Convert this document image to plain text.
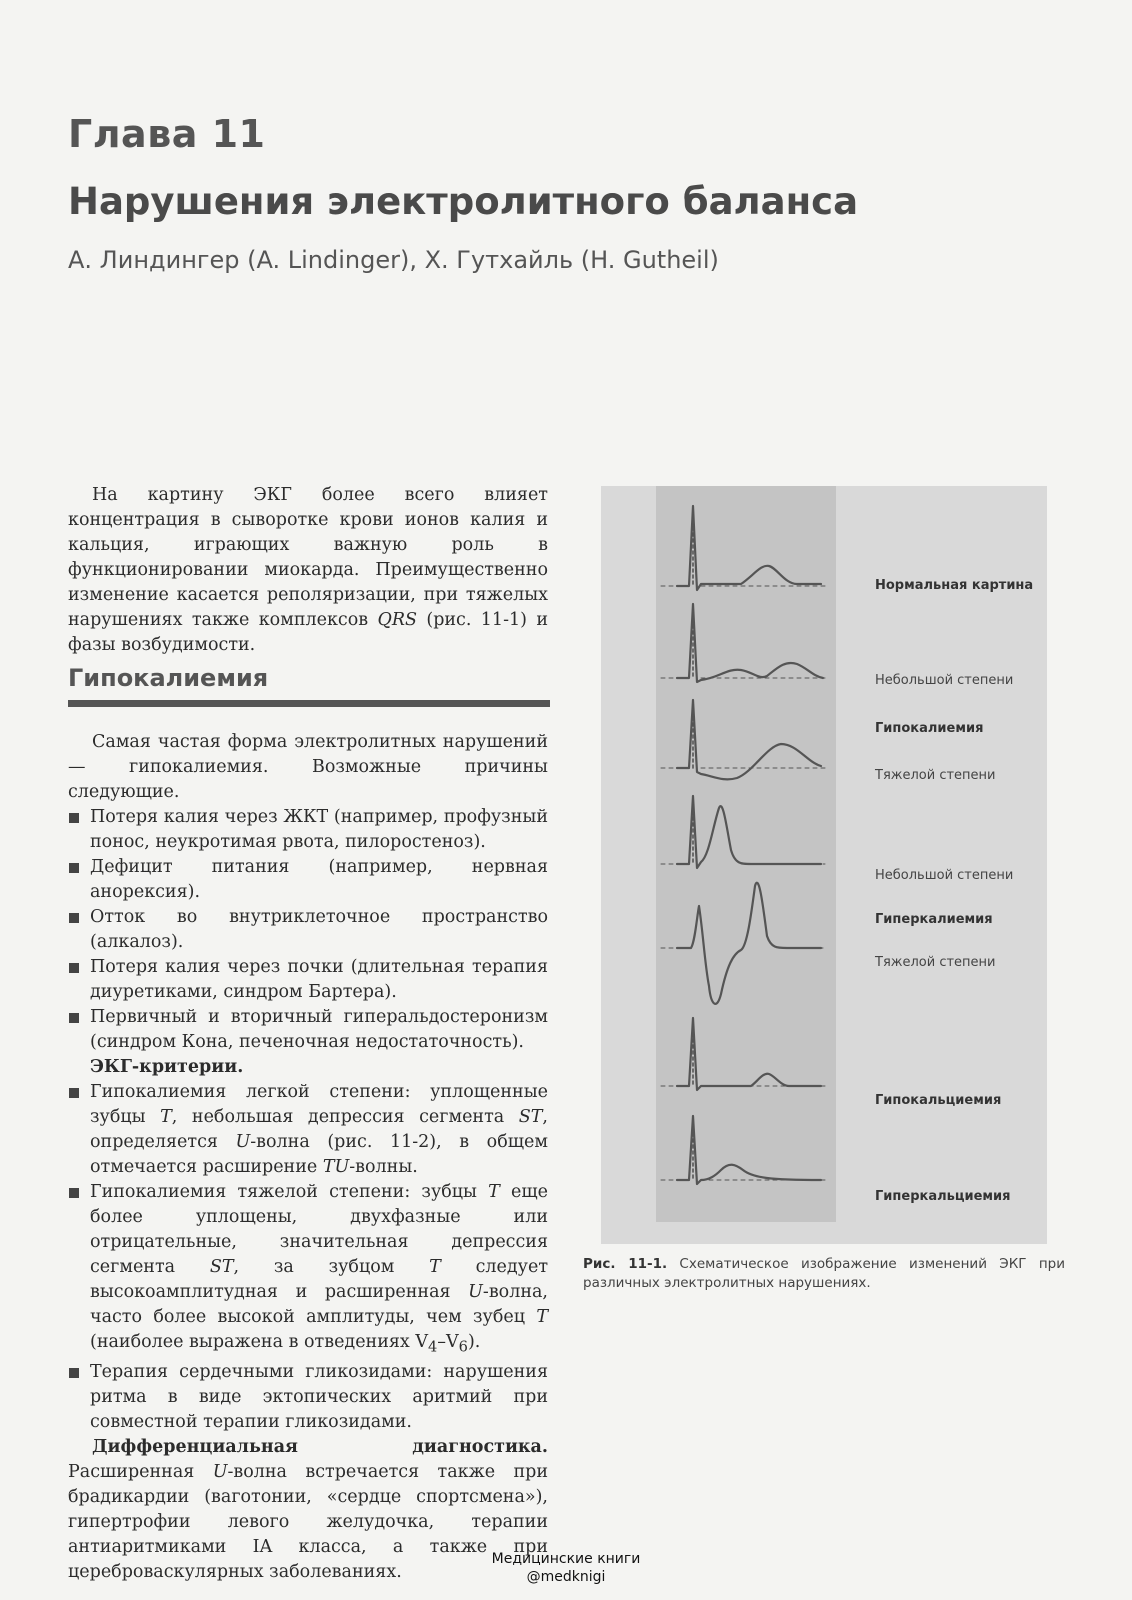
Глава 11
Нарушения электролитного баланса
А. Линдингер (A. Lindinger), Х. Гутхайль (H. Gutheil)

На картину ЭКГ более всего влияет концентрация в сыворотке крови ионов калия и кальция, играющих важную роль в функционировании миокарда. Преимущественно изменение касается реполяризации, при тяжелых нарушениях также комплексов QRS (рис. 11-1) и фазы возбудимости.

Гипокалиемия

Самая частая форма электролитных нарушений — гипокалиемия. Возможные причины следующие.

Потеря калия через ЖКТ (например, профузный понос, неукротимая рвота, пилоростеноз).
Дефицит питания (например, нервная анорексия).
Отток во внутриклеточное пространство (алкалоз).
Потеря калия через почки (длительная терапия диуретиками, синдром Бартера).
Первичный и вторичный гиперальдостеронизм (синдром Кона, печеночная недостаточность).

ЭКГ-критерии.

Гипокалиемия легкой степени: уплощенные зубцы T, небольшая депрессия сегмента ST, определяется U-волна (рис. 11-2), в общем отмечается расширение TU-волны.
Гипокалиемия тяжелой степени: зубцы T еще более уплощены, двухфазные или отрицательные, значительная депрессия сегмента ST, за зубцом T следует высокоамплитудная и расширенная U-волна, часто более высокой амплитуды, чем зубец T (наиболее выражена в отведениях $V_4-V_6$).
Терапия сердечными гликозидами: нарушения ритма в виде эктопических аритмий при совместной терапии гликозидами.

Дифференциальная диагностика. Расширенная U-волна встречается также при брадикардии (ваготонии, «сердце спортсмена»), гипертрофии левого желудочка, терапии антиаритмиками IA класса, а также при цереброваскулярных заболеваниях.

Нормальная картина
Небольшой степени
Гипокалиемия
Тяжелой степени
Небольшой степени
Гиперкалиемия
Тяжелой степени
Гипокальциемия
Гиперкальциемия
Рис. 11-1. Схематическое изображение изменений ЭКГ при различных электролитных нарушениях.
Медицинские книги
@medknigi
